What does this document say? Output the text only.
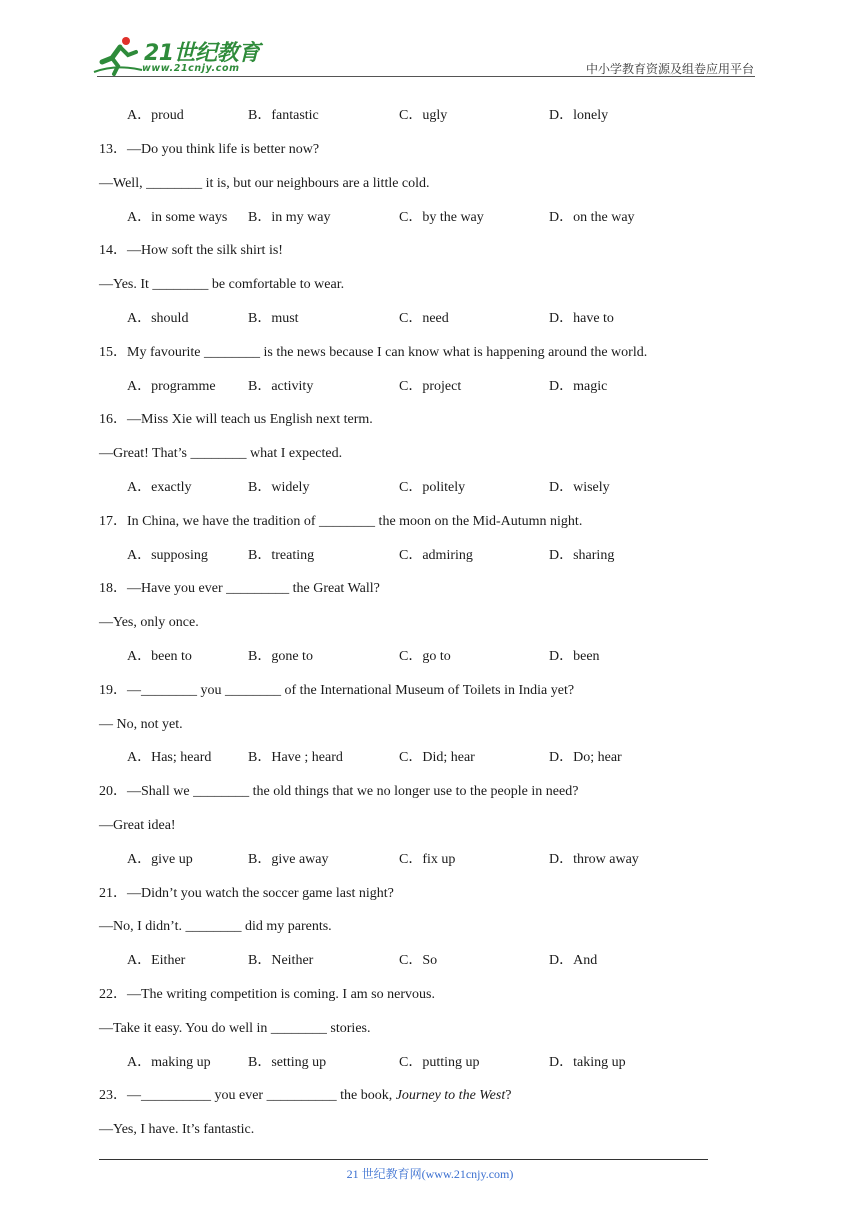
21世纪教育
www.21cnjy.com	中小学教育资源及组卷应用平台
A．proud	B．fantastic	C．ugly	D．lonely
13．—Do you think life is better now?
—Well, ________ it is, but our neighbours are a little cold.
A．in some ways B．in my way	C．by the way	D．on the way
14．—How soft the silk shirt is!
—Yes. It ________ be comfortable to wear.
A．should	B．must	C．need	D．have to
15．My favourite ________ is the news because I can know what is happening around the world.
A．programme B．activity	C．project	D．magic
16．—Miss Xie will teach us English next term.
—Great! That’s ________ what I expected.
A．exactly	B．widely	C．politely	D．wisely
17．In China, we have the tradition of ________ the moon on the Mid-Autumn night.
A．supposing	B．treating	C．admiring	D．sharing
18．—Have you ever _________ the Great Wall?
—Yes, only once.
A．been to	B．gone to	C．go to	D．been
19．—________ you ________ of the International Museum of Toilets in India yet?
— No, not yet.
A．Has; heard	B．Have ; heard	C．Did; hear	D．Do; hear
20．—Shall we ________ the old things that we no longer use to the people in need?
—Great idea!
A．give up	B．give away	C．fix up	D．throw away
21．—Didn’t you watch the soccer game last night?
—No, I didn’t. ________ did my parents.
A．Either	B．Neither	C．So	D．And
22．—The writing competition is coming. I am so nervous.
—Take it easy. You do well in ________ stories.
A．making up	B．setting up	C．putting up	D．taking up
23．—__________ you ever __________ the book, Journey to the West?
—Yes, I have. It’s fantastic.
21 世纪教育网(www.21cnjy.com)
